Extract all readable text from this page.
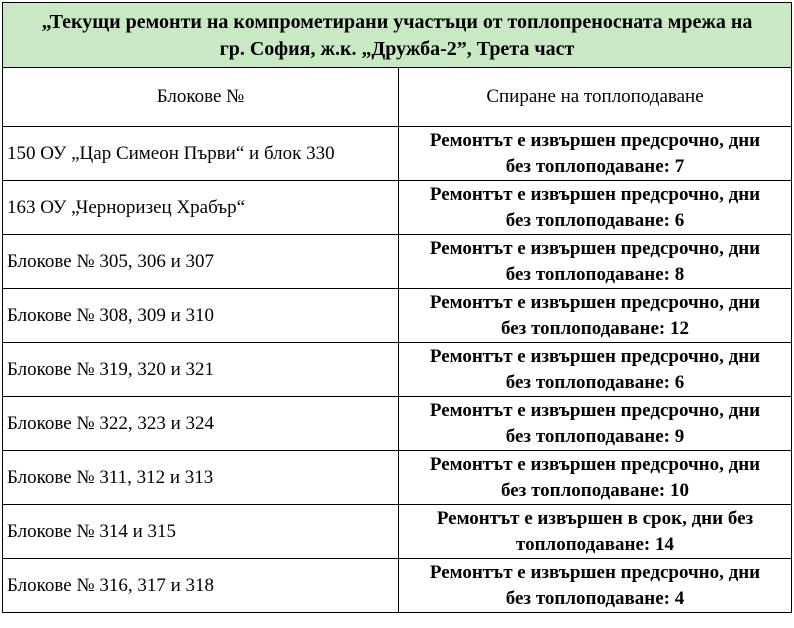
„Текущи ремонти на компрометирани участъци от топлопреносната мрежа на
гр. София, ж.к. „Дружба-2”, Трета част	

Блокове №	Спиране на топлоподаване
150 ОУ „Цар Симеон Първи“ и блок 330	Ремонтът е извършен предсрочно, дни
без топлоподаване: 7

163 ОУ „Черноризец Храбър“	Ремонтът е извършен предсрочно, дни
без топлоподаване: 6

Блокове № 305, 306 и 307	Ремонтът е извършен предсрочно, дни
без топлоподаване: 8

Блокове № 308, 309 и 310	Ремонтът е извършен предсрочно, дни
без топлоподаване: 12

Блокове № 319, 320 и 321	Ремонтът е извършен предсрочно, дни
без топлоподаване: 6

Блокове № 322, 323 и 324	Ремонтът е извършен предсрочно, дни
без топлоподаване: 9

Блокове № 311, 312 и 313	Ремонтът е извършен предсрочно, дни
без топлоподаване: 10

Блокове № 314 и 315	Ремонтът е извършен в срок, дни без
топлоподаване: 14

Блокове № 316, 317 и 318	Ремонтът е извършен предсрочно, дни
без топлоподаване: 4
